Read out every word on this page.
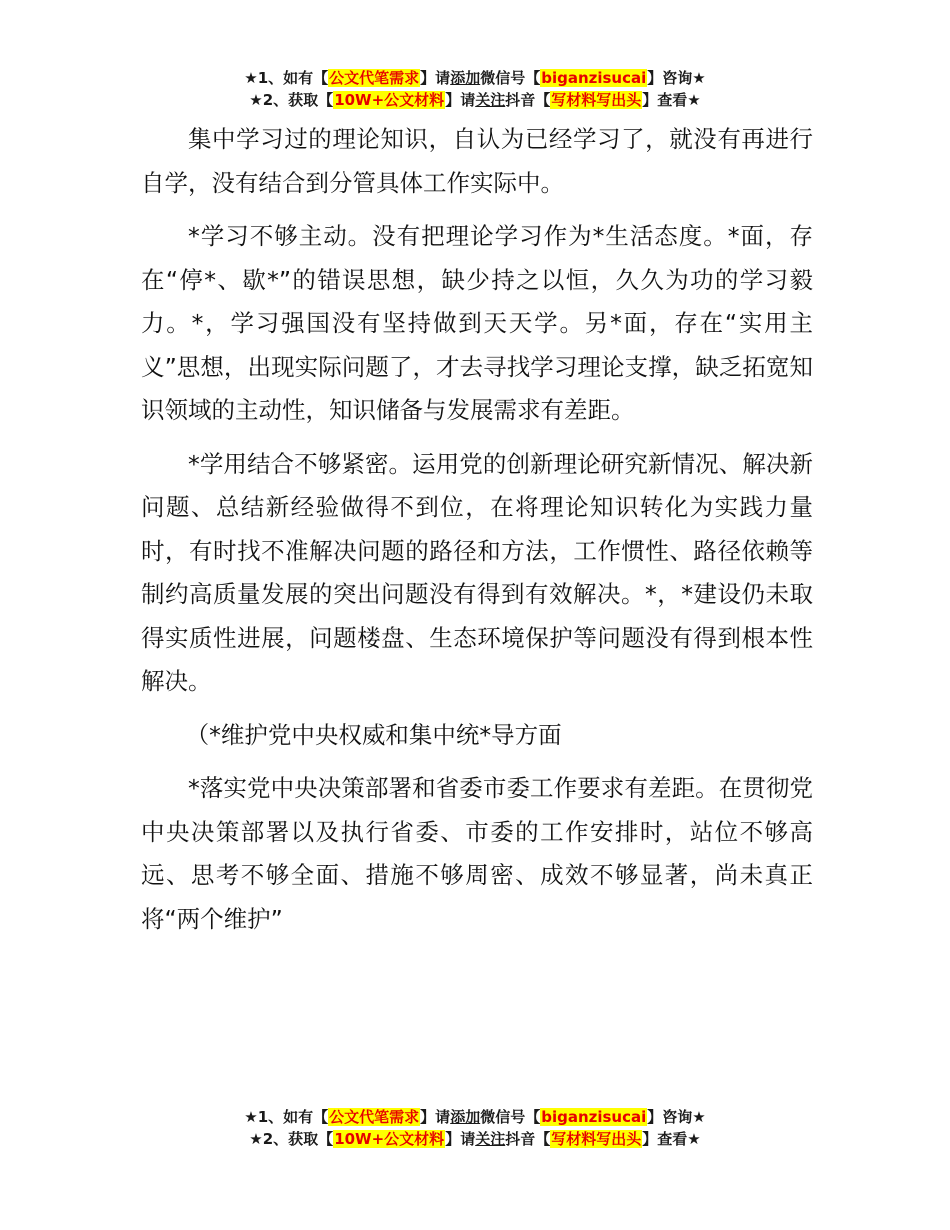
★1、如有【公文代笔需求】请添加微信号【biganzisucai】咨询★
★2、获取【10W+公文材料】请关注抖音【写材料写出头】查看★

集中学习过的理论知识，自认为已经学习了，就没有再进行自学，没有结合到分管具体工作实际中。

*学习不够主动。没有把理论学习作为*生活态度。*面，存在“停*、歇*”的错误思想，缺少持之以恒，久久为功的学习毅力。*，学习强国没有坚持做到天天学。另*面，存在“实用主义”思想，出现实际问题了，才去寻找学习理论支撑，缺乏拓宽知识领域的主动性，知识储备与发展需求有差距。

*学用结合不够紧密。运用党的创新理论研究新情况、解决新问题、总结新经验做得不到位，在将理论知识转化为实践力量时，有时找不准解决问题的路径和方法，工作惯性、路径依赖等制约高质量发展的突出问题没有得到有效解决。*，*建设仍未取得实质性进展，问题楼盘、生态环境保护等问题没有得到根本性解决。

（*维护党中央权威和集中统*导方面

*落实党中央决策部署和省委市委工作要求有差距。在贯彻党中央决策部署以及执行省委、市委的工作安排时，站位不够高远、思考不够全面、措施不够周密、成效不够显著，尚未真正将“两个维护”

★1、如有【公文代笔需求】请添加微信号【biganzisucai】咨询★
★2、获取【10W+公文材料】请关注抖音【写材料写出头】查看★
